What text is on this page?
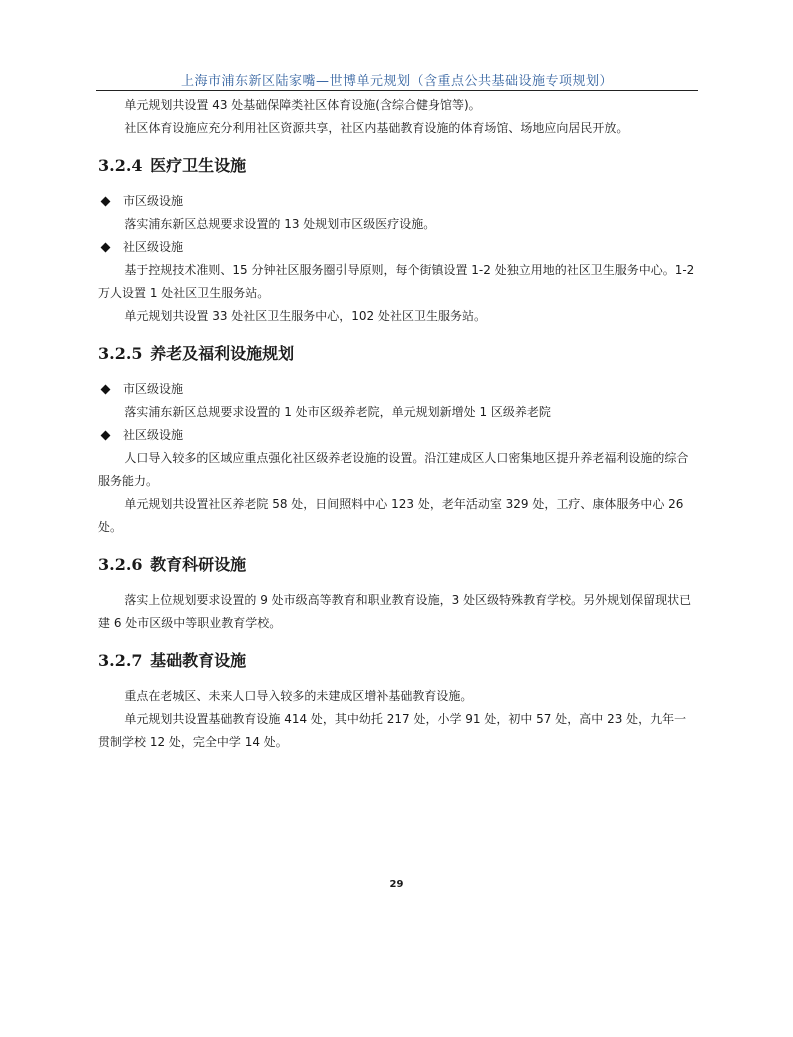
上海市浦东新区陆家嘴—世博单元规划（含重点公共基础设施专项规划）

单元规划共设置 43 处基础保障类社区体育设施(含综合健身馆等)。

社区体育设施应充分利用社区资源共享，社区内基础教育设施的体育场馆、场地应向居民开放。

3.2.4 医疗卫生设施
市区级设施

落实浦东新区总规要求设置的 13 处规划市区级医疗设施。

社区级设施

基于控规技术准则、15 分钟社区服务圈引导原则，每个街镇设置 1-2 处独立用地的社区卫生服务中心。1-2 万人设置 1 处社区卫生服务站。

单元规划共设置 33 处社区卫生服务中心，102 处社区卫生服务站。

3.2.5 养老及福利设施规划
市区级设施

落实浦东新区总规要求设置的 1 处市区级养老院，单元规划新增处 1 区级养老院

社区级设施

人口导入较多的区域应重点强化社区级养老设施的设置。沿江建成区人口密集地区提升养老福利设施的综合服务能力。

单元规划共设置社区养老院 58 处，日间照料中心 123 处，老年活动室 329 处，工疗、康体服务中心 26 处。

3.2.6 教育科研设施

落实上位规划要求设置的 9 处市级高等教育和职业教育设施，3 处区级特殊教育学校。另外规划保留现状已建 6 处市区级中等职业教育学校。

3.2.7 基础教育设施

重点在老城区、未来人口导入较多的未建成区增补基础教育设施。

单元规划共设置基础教育设施 414 处，其中幼托 217 处，小学 91 处，初中 57 处，高中 23 处，九年一贯制学校 12 处，完全中学 14 处。

29
